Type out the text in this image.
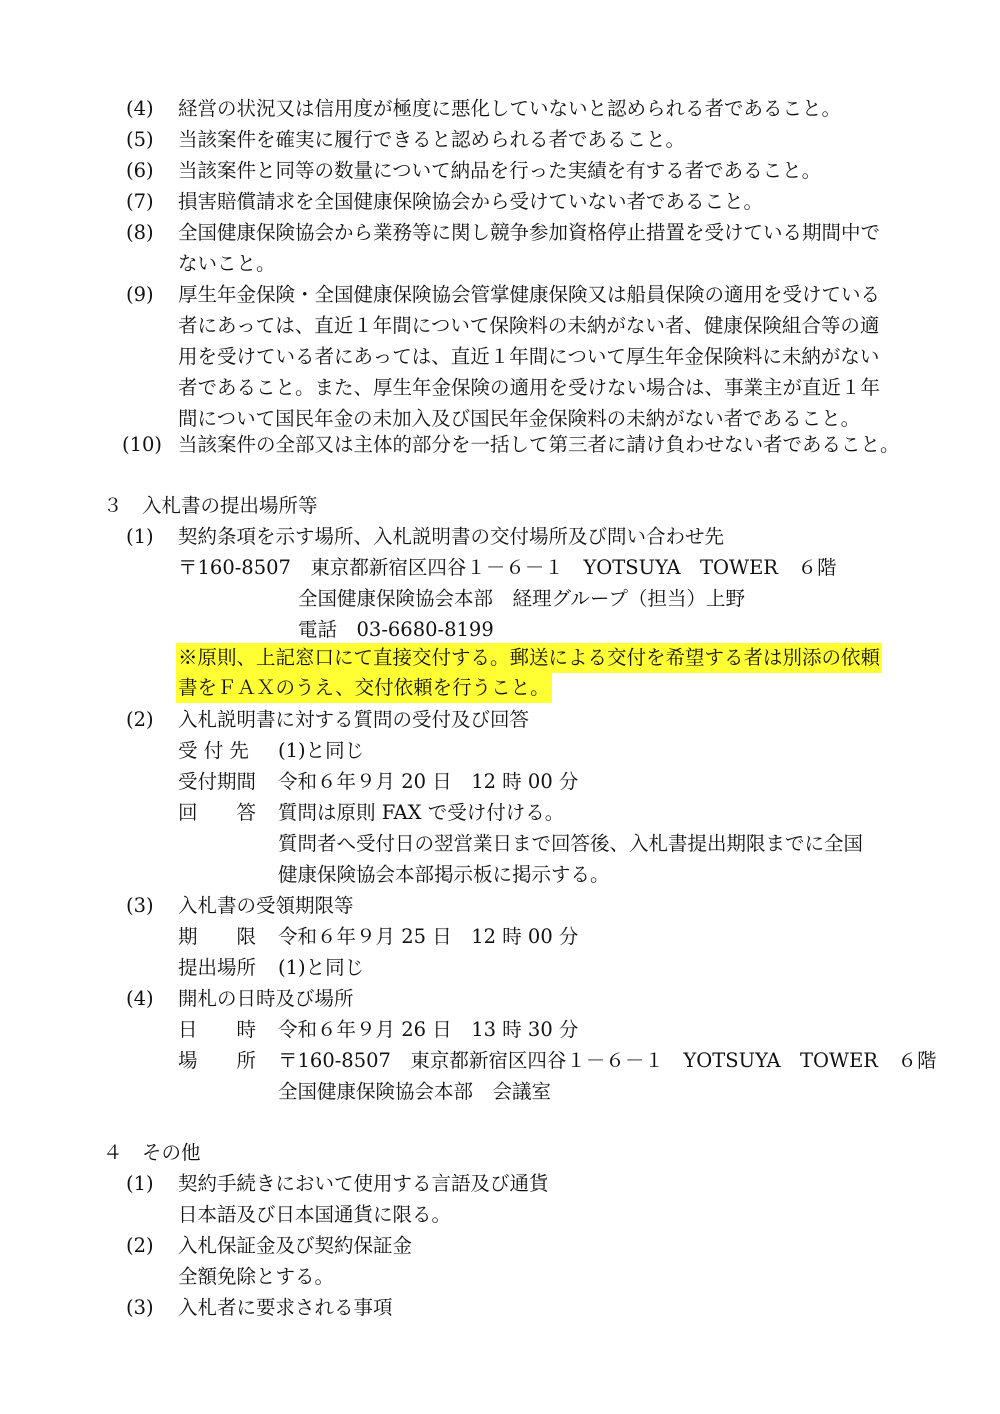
(4) 経営の状況又は信用度が極度に悪化していないと認められる者であること。
(5) 当該案件を確実に履行できると認められる者であること。
(6) 当該案件と同等の数量について納品を行った実績を有する者であること。
(7) 損害賠償請求を全国健康保険協会から受けていない者であること。
(8) 全国健康保険協会から業務等に関し競争参加資格停止措置を受けている期間中で
ないこと。
(9) 厚生年金保険・全国健康保険協会管掌健康保険又は船員保険の適用を受けている
者にあっては、直近１年間について保険料の未納がない者、健康保険組合等の適
用を受けている者にあっては、直近１年間について厚生年金保険料に未納がない
者であること。また、厚生年金保険の適用を受けない場合は、事業主が直近１年
間について国民年金の未加入及び国民年金保険料の未納がない者であること。
(10) 当該案件の全部又は主体的部分を一括して第三者に請け負わせない者であること。
３　入札書の提出場所等
(1) 契約条項を示す場所、入札説明書の交付場所及び問い合わせ先
〒160-8507　東京都新宿区四谷１－６－１　YOTSUYA　TOWER　６階
全国健康保険協会本部　経理グループ（担当）上野
電話　03-6680-8199
※原則、上記窓口にて直接交付する。郵送による交付を希望する者は別添の依頼
書をＦＡＸのうえ、交付依頼を行うこと。
(2) 入札説明書に対する質問の受付及び回答
受 付 先 (1)と同じ
受付期間 令和６年９月 20 日　12 時 00 分
回　　答 質問は原則 FAX で受け付ける。
質問者へ受付日の翌営業日まで回答後、入札書提出期限までに全国
健康保険協会本部掲示板に掲示する。
(3) 入札書の受領期限等
期　　限 令和６年９月 25 日　12 時 00 分
提出場所 (1)と同じ
(4) 開札の日時及び場所
日　　時 令和６年９月 26 日　13 時 30 分
場　　所 〒160-8507　東京都新宿区四谷１－６－１　YOTSUYA　TOWER　６階
全国健康保険協会本部　会議室
４　その他
(1) 契約手続きにおいて使用する言語及び通貨
日本語及び日本国通貨に限る。
(2) 入札保証金及び契約保証金
全額免除とする。
(3) 入札者に要求される事項
